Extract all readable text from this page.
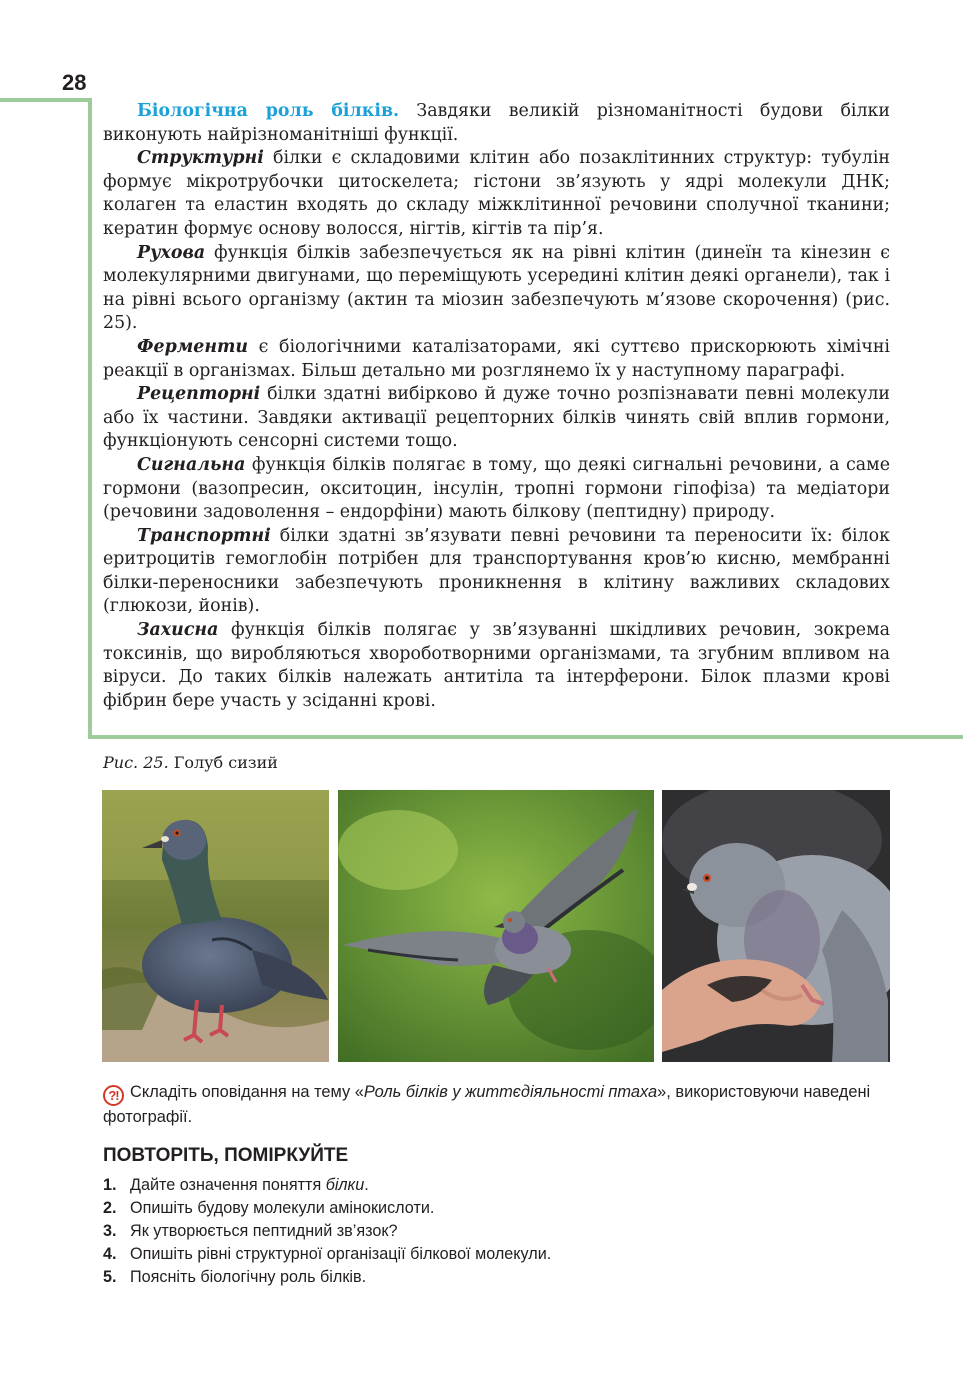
28

Біологічна роль білків. Завдяки великій різноманітності будови білки виконують найрізноманітніші функції.

Структурні білки є складовими клітин або позаклітинних структур: тубулін формує мікротрубочки цитоскелета; гістони зв’язують у ядрі молекули ДНК; колаген та еластин входять до складу міжклітинної речовини сполучної тканини; кератин формує основу волосся, нігтів, кігтів та пір’я.

Рухова функція білків забезпечується як на рівні клітин (динеїн та кінезин є молекулярними двигунами, що переміщують усередині клітин деякі органели), так і на рівні всього організму (актин та міозин забезпечують м’язове скорочення) (рис. 25).

Ферменти є біологічними каталізаторами, які суттєво прискорюють хімічні реакції в організмах. Більш детально ми розглянемо їх у наступному параграфі.

Рецепторні білки здатні вибірково й дуже точно розпізнавати певні молекули або їх частини. Завдяки активації рецепторних білків чинять свій вплив гормони, функціонують сенсорні системи тощо.

Сигнальна функція білків полягає в тому, що деякі сигнальні речовини, а саме гормони (вазопресин, окситоцин, інсулін, тропні гормони гіпофіза) та медіатори (речовини задоволення – ендорфіни) мають білкову (пептидну) природу.

Транспортні білки здатні зв’язувати певні речовини та переносити їх: білок еритроцитів гемоглобін потрібен для транспортування кров’ю кисню, мембранні білки-переносники забезпечують проникнення в клітину важливих складових (глюкози, йонів).

Захисна функція білків полягає у зв’язуванні шкідливих речовин, зокрема токсинів, що виробляються хвороботворними організмами, та згубним впливом на віруси. До таких білків належать антитіла та інтерферони. Білок плазми крові фібрин бере участь у зсіданні крові.

Рис. 25. Голуб сизий
?! Складіть оповідання на тему «Роль білків у життєдіяльності птаха», використовуючи наведені фотографії.
ПОВТОРІТЬ, ПОМІРКУЙТЕ
1. Дайте означення поняття білки.
2. Опишіть будову молекули амінокислоти.
3. Як утворюється пептидний зв’язок?
4. Опишіть рівні структурної організації білкової молекули.
5. Поясніть біологічну роль білків.
